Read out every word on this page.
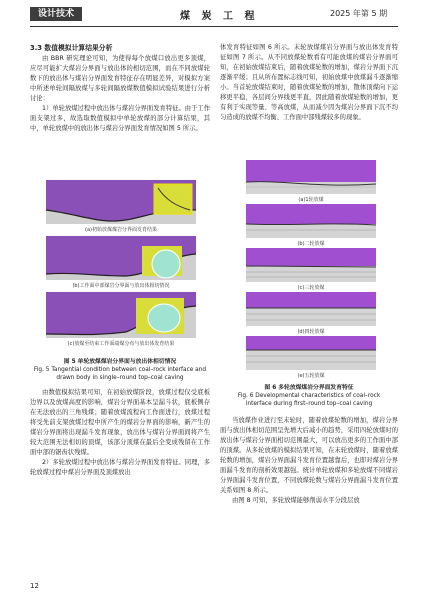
设计技术	煤 炭 工 程	2025 年第 5 期

3.3 数值模拟计算结果分析

由 BBR 研究理论可知，为使得每个放煤口放出更多顶煤，应尽可能扩大煤岩分界面与放出体的相切范围，而在不同放煤轮数下的放出体与煤岩分界面发育特征存在明显差异，对模拟方案中所述单轮间隔放煤与多轮间隔放煤数值模拟试验结果进行分析讨论：

1）单轮放煤过程中放出体与煤岩分界面发育特征。由于工作面支架过多，故选取数值模拟中单轮放煤的部分计算结果，其中，单轮放煤中的放出体与煤岩分界面发育情况如图 5 所示。

(a)初始放煤煤岩分界面发育结果
(b)工作面中部煤岩分界面与放出体相切情况
(c)放煤至结束工作面端煤分布与放出体发育结果
图 5 单轮放煤煤岩分界面与放出体相切情况
Fig. 5 Tangential condition between coal–rock interface and drawn body in single–round top–coal caving

由数值模拟结果可知，在初始放煤阶段，放煤过程仅受底板边界以及放煤高度的影响，煤岩分界面基本呈漏斗状，底板侧存在无法放出的三角残煤；随着放煤流程向工作面进行，放煤过程将受先前支架放煤过程中所产生的煤岩分界面的影响，新产生的煤岩分界面将出现漏斗发育现象，放出体与煤岩分界面间将产生较大范围无法相切的顶煤，该部分顶煤在最后全变成残留在工作面中部的锯齿状残煤。

2）多轮放煤过程中放出体与煤岩分界面发育特征。同理，多轮放煤过程中煤岩分界面及顶煤放出

体发育特征如图 6 所示。末轮放煤煤岩分界面与放出体发育特征如图 7 所示。从不同放煤轮数看有可能放煤的煤岩分界面可知，在初始放煤结束后，随着放煤轮数的增加，煤岩分界面下沉逐渐平缓；且从所布置标志线可知，初始放煤中放煤漏斗逐渐缩小。当首轮放煤结束时，随着放煤轮数的增加，散体顶煤向下运移更平稳，各层间分界线更平直，因此随着放煤轮数的增加，更有利于实现等量、等高放煤，从而减少因为煤岩分界面下沉不均匀造成的放煤不均衡、工作面中部残煤较多的现象。

(a)1轮放煤
(b)二轮放煤
(c)三轮放煤
(d)四轮放煤
(e)五轮放煤
图 6 多轮放煤煤岩分界面发育特征
Fig. 6 Developmental characteristics of coal–rock
interface during first–round top–coal caving

当放煤作业进行至末轮时，随着放煤轮数的增加，煤岩分界面与放出体相切范围呈先增大后减小的趋势，采用四轮放煤时的放出体与煤岩分界面相切范围最大，可以放出更多的工作面中部的顶煤。从多轮放煤的模拟结果可知，在末轮放煤时，随着放煤轮数的增加，煤岩分界面漏斗发育位置越靠后，也即对煤岩分界面漏斗发育的剖析效果越强。统计单轮放煤和多轮放煤不同煤岩分界面漏斗发育位置，不同放煤轮数与煤岩分界面漏斗发育位置关系如图 8 所示。

由图 8 可知，多轮放煤能够削弱水平分段层放

12
